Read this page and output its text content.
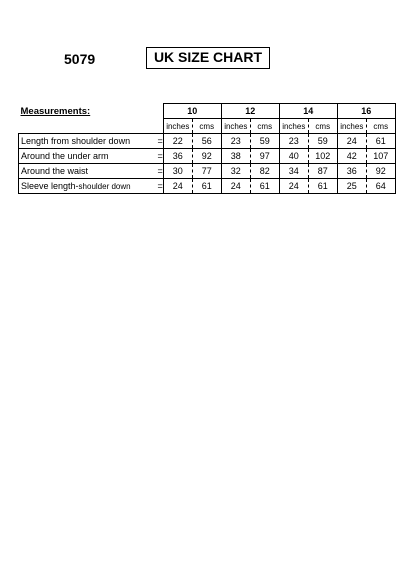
5079	UK SIZE CHART
Measurements:		10		12		14		16	
		inches	cms	inches	cms	inches	cms	inches	cms
Length from shoulder down	=	22	56	23	59	23	59	24	61
Around the under arm	=	36	92	38	97	40	102	42	107
Around the waist	=	30	77	32	82	34	87	36	92
Sleeve length-shoulder down	=	24	61	24	61	24	61	25	64
